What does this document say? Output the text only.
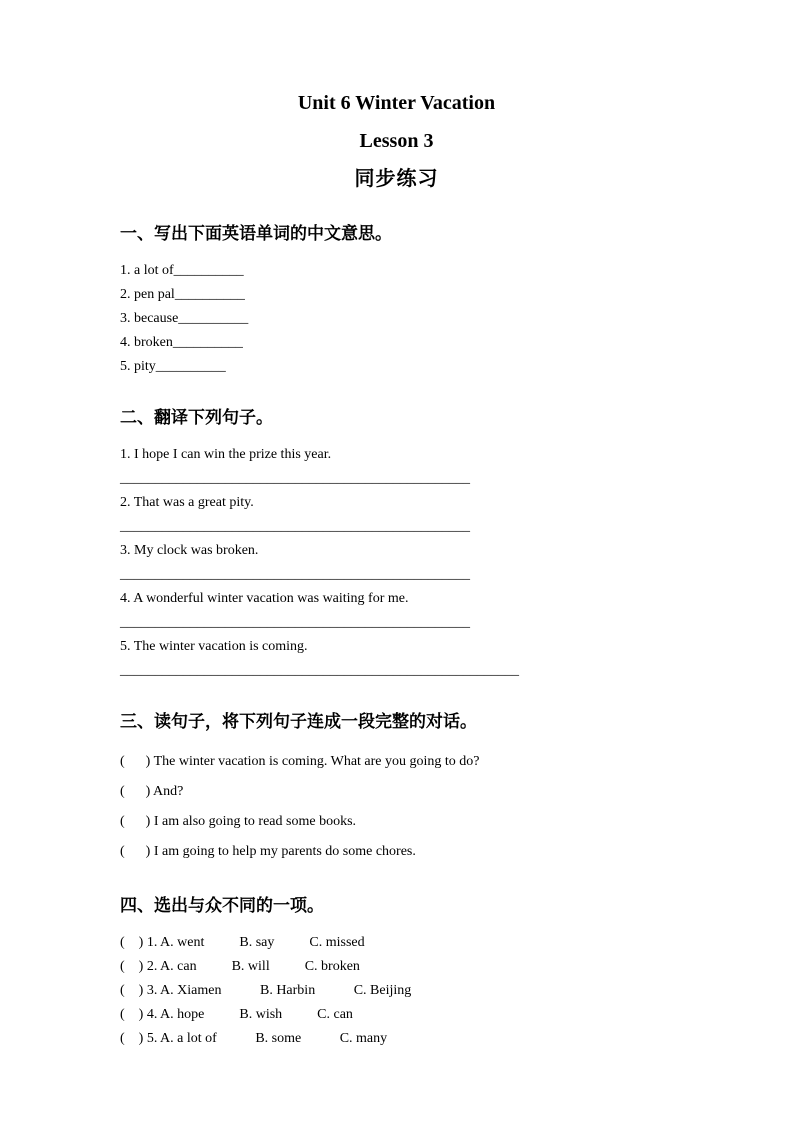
Unit 6 Winter Vacation
Lesson 3
同步练习
一、写出下面英语单词的中文意思。

1. a lot of__________

2. pen pal__________

3. because__________

4. broken__________

5. pity__________

二、翻译下列句子。

1. I hope I can win the prize this year.

__________________________________________________

2. That was a great pity.

__________________________________________________

3. My clock was broken.

__________________________________________________

4. A wonderful winter vacation was waiting for me.

__________________________________________________

5. The winter vacation is coming.

_________________________________________________________

三、读句子，将下列句子连成一段完整的对话。

(      ) The winter vacation is coming. What are you going to do?

(      ) And?

(      ) I am also going to read some books.

(      ) I am going to help my parents do some chores.

四、选出与众不同的一项。

(    ) 1. A. went          B. say          C. missed

(    ) 2. A. can          B. will          C. broken

(    ) 3. A. Xiamen           B. Harbin           C. Beijing

(    ) 4. A. hope          B. wish          C. can

(    ) 5. A. a lot of           B. some           C. many
